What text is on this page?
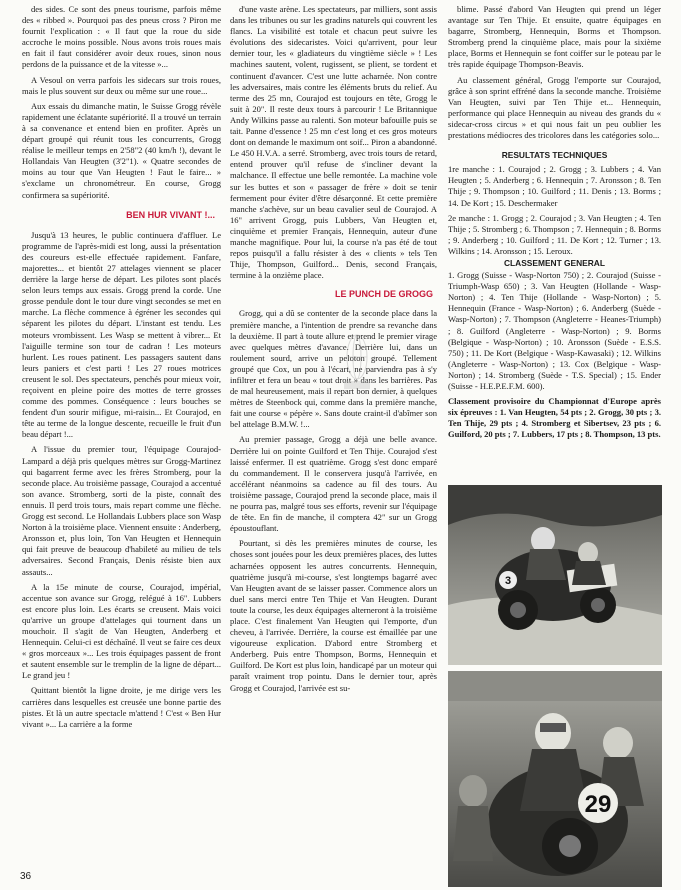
des sides. Ce sont des pneus tourisme, parfois même des « ribbed ». Pourquoi pas des pneus cross ? Piron me fournit l'explication : « Il faut que la roue du side accroche le moins possible. Nous avons trois roues mais en fait il faut considérer avoir deux roues, sinon nous perdons de la puissance et de la vitesse »...

A Vesoul on verra parfois les sidecars sur trois roues, mais le plus souvent sur deux ou même sur une roue...

Aux essais du dimanche matin, le Suisse Grogg révèle rapidement une éclatante supériorité. Il a trouvé un terrain à sa convenance et entend bien en profiter. Après un départ groupé qui réunit tous les concurrents, Grogg réalise le meilleur temps en 2'58"2 (40 km/h !), devant le Hollandais Van Heugten (3'2"1). « Quatre secondes de moins au tour que Van Heugten ! Faut le faire... » s'exclame un chronométreur. En course, Grogg confirmera sa supériorité.

BEN HUR VIVANT !...

Jusqu'à 13 heures, le public continuera d'affluer. Le programme de l'après-midi est long, aussi la présentation des coureurs est-elle effectuée rapidement. Fanfare, majorettes... et bientôt 27 attelages viennent se placer derrière la large herse de départ. Les pilotes sont placés selon leurs temps aux essais. Grogg prend la corde. Une grosse pendule dont le tour dure vingt secondes se met en marche. La flèche commence à égréner les secondes qui séparent les pilotes du départ. L'instant est tendu. Les moteurs vrombissent. Les Wasp se mettent à vibrer... Et l'aiguille termine son tour de cadran ! Les moteurs hurlent. Les roues patinent. Les passagers sautent dans leurs paniers et c'est parti ! Les 27 roues motrices creusent le sol. Des spectateurs, penchés pour mieux voir, reçoivent en pleine poire des mottes de terre grosses comme des pommes. Conséquence : leurs bouches se fendent d'un sourir mifigue, mi-raisin... Et Courajod, en tête au terme de la longue descente, recueille le fruit d'un beau départ !...

A l'issue du premier tour, l'équipage Courajod-Lampard a déjà pris quelques mètres sur Grogg-Martinez qui bagarrent ferme avec les frères Stromberg, pour la seconde place. Au troisième passage, Courajod a accentué son avance. Stromberg, sorti de la piste, connaît des ennuis. Il perd trois tours, mais repart comme une flèche. Grogg est second. Le Hollandais Lubbers place son Wasp Norton à la troisième place. Viennent ensuite : Anderberg, Aronsson et, plus loin, Ton Van Heugten et Hennequin qui fait preuve de beaucoup d'habileté au milieu de tels adversaires. Second Français, Denis résiste bien aux assauts...

A la 15e minute de course, Courajod, impérial, accentue son avance sur Grogg, relégué à 16". Lubbers est encore plus loin. Les écarts se creusent. Mais voici qu'arrive un groupe d'attelages qui tournent dans un mouchoir. Il s'agit de Van Heugten, Anderberg et Hennequin. Celui-ci est déchaîné. Il veut se faire ces deux « gros morceaux »... Les trois équipages passent de front et sautent ensemble sur le tremplin de la ligne de départ... Le grand jeu !

Quittant bientôt la ligne droite, je me dirige vers les carrières dans lesquelles est creusée une bonne partie des pistes. Et là un autre spectacle m'attend ! C'est « Ben Hur vivant »... La carrière a la forme

d'une vaste arène. Les spectateurs, par milliers, sont assis dans les tribunes ou sur les gradins naturels qui couvrent les flancs. La visibilité est totale et chacun peut suivre les évolutions des sidecaristes. Voici qu'arrivent, pour leur dernier tour, les « gladiateurs du vingtième siècle » ! Les machines sautent, volent, rugissent, se plient, se tordent et continuent d'avancer. C'est une lutte acharnée. Non contre les adversaires, mais contre les éléments bruts du relief. Au terme des 25 mn, Courajod est toujours en tête, Grogg le suit à 20". Il reste deux tours à parcourir ! Le Britannique Andy Wilkins passe au ralenti. Son moteur bafouille puis se tait. Panne d'essence ! 25 mn c'est long et ces gros moteurs dont on demande le maximum ont soif... Piron a abandonné. Le 450 H.V.A. a serré. Stromberg, avec trois tours de retard, entend prouver qu'il refuse de s'incliner devant la malchance. Il effectue une belle remontée. La machine vole sur les buttes et son « passager de frère » doit se tenir fermement pour éviter d'être désarçonné. Et cette première manche s'achève, sur un beau cavalier seul de Courajod. A 16" arrivent Grogg, puis Lubbers, Van Heugten et, cinquième et premier Français, Hennequin, auteur d'une manche magnifique. Pour lui, la course n'a pas été de tout repos puisqu'il a fallu résister à des « clients » tels Ten Thije, Thompson, Guilford... Denis, second Français, termine à la onzième place.

LE PUNCH DE GROGG

Grogg, qui a dû se contenter de la seconde place dans la première manche, a l'intention de prendre sa revanche dans la deuxième. Il part à toute allure et prend le premier virage avec quelques mètres d'avance. Derrière lui, dans un roulement sourd, arrive un peloton groupé. Tellement groupé que Cox, un pou à l'écart, ne parviendra pas à s'y infiltrer et fera un beau « tout droit » dans les barrières. Pas de mal heureusement, mais il repart bon dernier, à quelques mètres de Steenbock qui, comme dans la première manche, fait une course « pépère ». Sans doute craint-il d'abîmer son bel attelage B.M.W. !...

Au premier passage, Grogg a déjà une belle avance. Derrière lui on pointe Guilford et Ten Thije. Courajod s'est laissé enfermer. Il est quatrième. Grogg s'est donc emparé du commandement. Il le conservera jusqu'à l'arrivée, en accélérant néanmoins sa cadence au fil des tours. Au troisième passage, Courajod prend la seconde place, mais il ne pourra pas, malgré tous ses efforts, revenir sur l'équipage de tête. En fin de manche, il comptera 42" sur un Grogg époustouflant.

Pourtant, si dès les premières minutes de course, les choses sont jouées pour les deux premières places, des luttes acharnées opposent les autres concurrents. Hennequin, quatrième jusqu'à mi-course, s'est longtemps bagarré avec Van Heugten avant de se laisser passer. Commence alors un duel sans merci entre Ten Thije et Van Heugten. Durant toute la course, les deux équipages alterneront à la troisième place. C'est finalement Van Heugten qui l'emporte, d'un cheveu, à l'arrivée. Derrière, la course est émaillée par une vigoureuse explication. D'abord entre Stromberg et Anderberg. Puis entre Thompson, Borms, Hennequin et Guilford. De Kort est plus loin, handicapé par un moteur qui paraît vraiment trop pointu. Dans le dernier tour, après Grogg et Courajod, l'arrivée est su-

blime. Passé d'abord Van Heugten qui prend un léger avantage sur Ten Thije. Et ensuite, quatre équipages en bagarre, Stromberg, Hennequin, Borms et Thompson. Stromberg prend la cinquième place, mais pour la sixième place, Borms et Hennequin se font coiffer sur le poteau par le très rapide équipage Thompson-Beavis.

Au classement général, Grogg l'emporte sur Courajod, grâce à son sprint effréné dans la seconde manche. Troisième Van Heugten, suivi par Ten Thije et... Hennequin, performance qui place Hennequin au niveau des grands du « sidecar-cross circus » et qui nous fait un peu oublier les prestations médiocres des tricolores dans les catégories solo...

RESULTATS TECHNIQUES

1re manche : 1. Courajod ; 2. Grogg ; 3. Lubbers ; 4. Van Heugten ; 5. Anderberg ; 6. Hennequin ; 7. Aronsson ; 8. Ten Thije ; 9. Thompson ; 10. Guilford ; 11. Denis ; 13. Borms ; 14. De Kort ; 15. Deschermaker

2e manche : 1. Grogg ; 2. Courajod ; 3. Van Heugten ; 4. Ten Thije ; 5. Stromberg ; 6. Thompson ; 7. Hennequin ; 8. Borms ; 9. Anderberg ; 10. Guilford ; 11. De Kort ; 12. Turner ; 13. Wilkins ; 14. Aronsson ; 15. Leroux.

CLASSEMENT GENERAL

1. Grogg (Suisse - Wasp-Norton 750) ; 2. Courajod (Suisse - Triumph-Wasp 650) ; 3. Van Heugten (Hollande - Wasp-Norton) ; 4. Ten Thije (Hollande - Wasp-Norton) ; 5. Hennequin (France - Wasp-Norton) ; 6. Anderberg (Suède - Wasp-Norton) ; 7. Thompson (Angleterre - Heanes-Triumph) ; 8. Guilford (Angleterre - Wasp-Norton) ; 9. Borms (Belgique - Wasp-Norton) ; 10. Aronsson (Suède - E.S.S. 750) ; 11. De Kort (Belgique - Wasp-Kawasaki) ; 12. Wilkins (Angleterre - Wasp-Norton) ; 13. Cox (Belgique - Wasp-Norton) ; 14. Stromberg (Suède - T.S. Special) ; 15. Ender (Suisse - H.E.P.E.F.M. 600).

Classement provisoire du Championnat d'Europe après six épreuves : 1. Van Heugten, 54 pts ; 2. Grogg, 30 pts ; 3. Ten Thije, 29 pts ; 4. Stromberg et Sibertsev, 23 pts ; 6. Guilford, 20 pts ; 7. Lubbers, 17 pts ; 8. Thompson, 13 pts.

3
29
36
